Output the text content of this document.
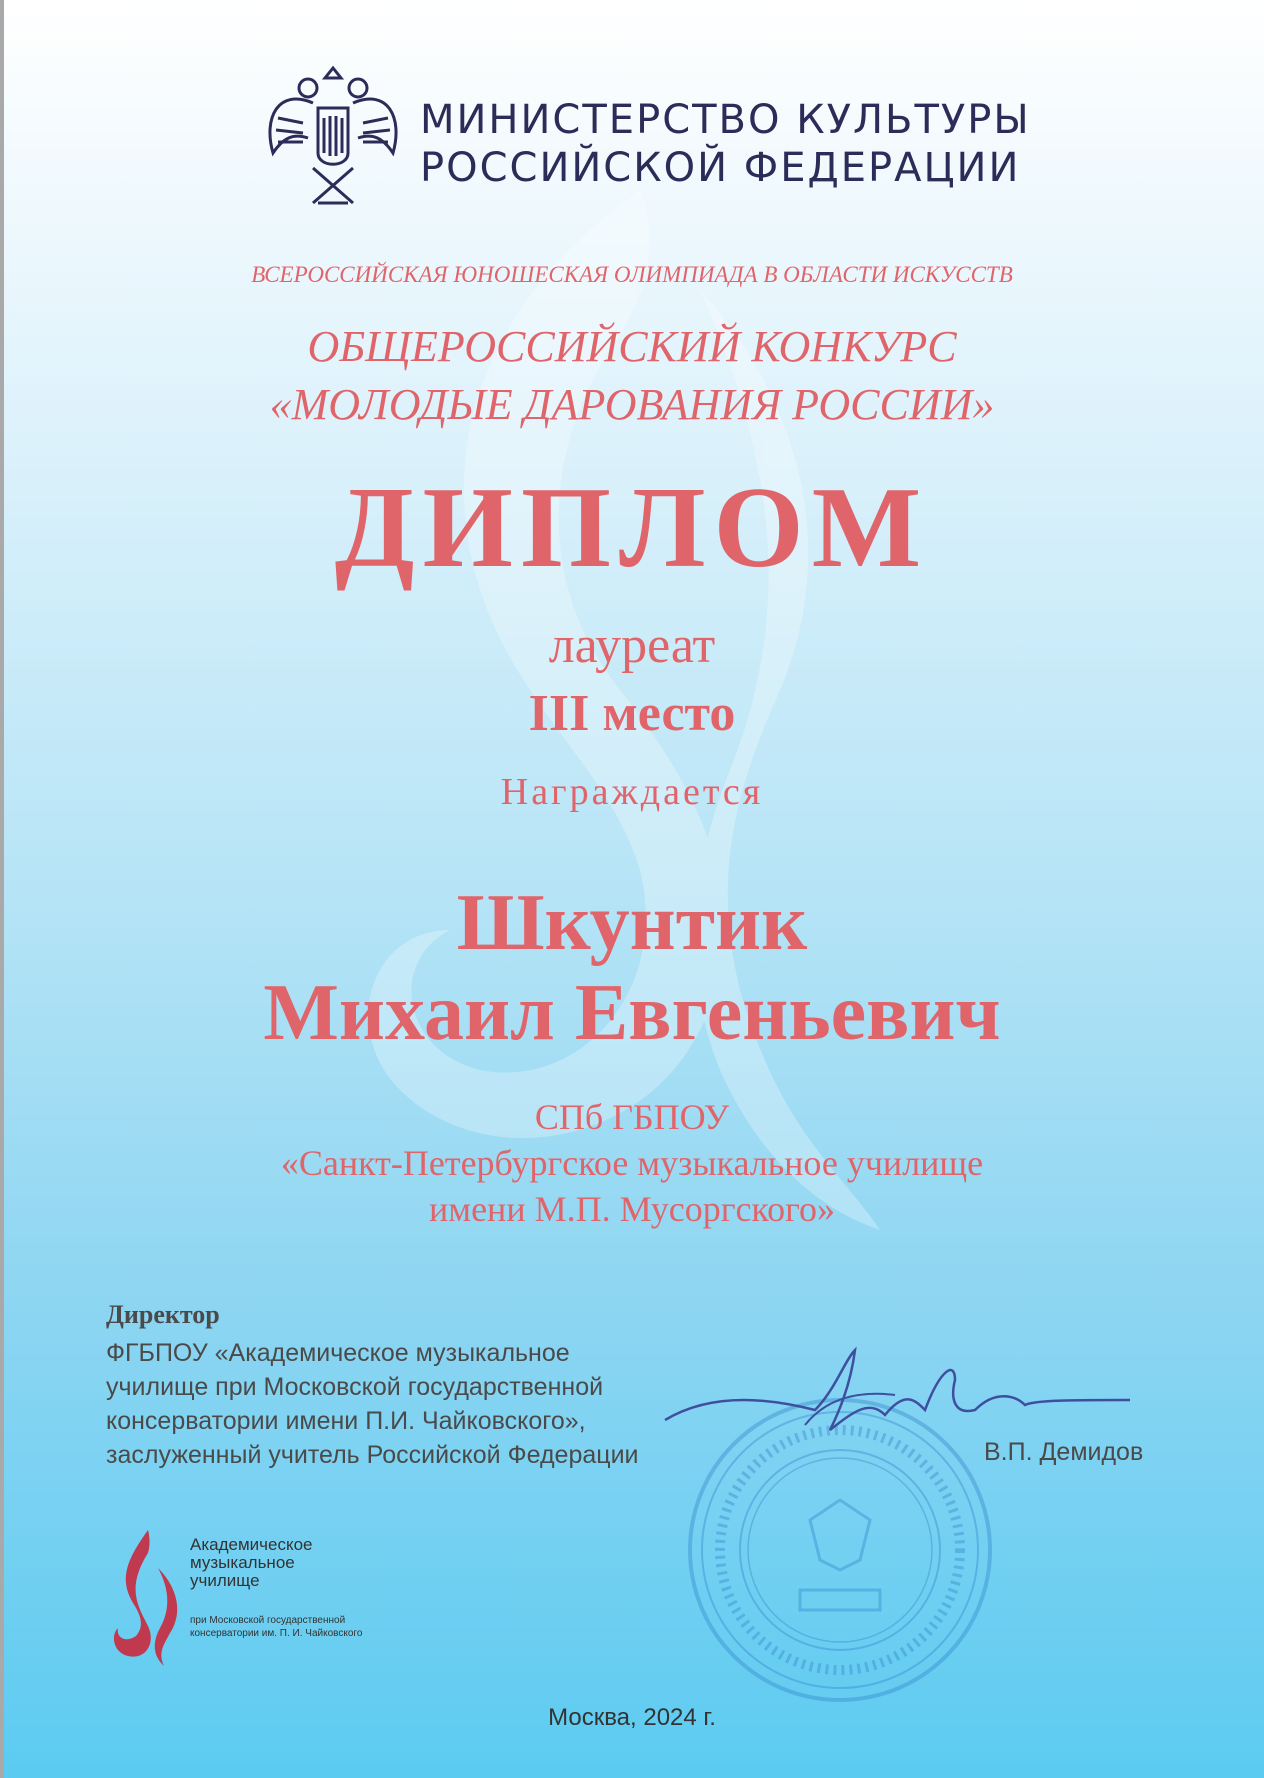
МИНИСТЕРСТВО КУЛЬТУРЫ
РОССИЙСКОЙ ФЕДЕРАЦИИ
ВСЕРОССИЙСКАЯ ЮНОШЕСКАЯ ОЛИМПИАДА В ОБЛАСТИ ИСКУССТВ
ОБЩЕРОССИЙСКИЙ КОНКУРС
«МОЛОДЫЕ ДАРОВАНИЯ РОССИИ»
ДИПЛОМ
лауреат
III место
Награждается
Шкунтик
Михаил Евгеньевич
СПб ГБПОУ
«Санкт-Петербургское музыкальное училище
имени М.П. Мусоргского»
Директор
ФГБПОУ «Академическое музыкальное
училище при Московской государственной
консерватории имени П.И. Чайковского»,
заслуженный учитель Российской Федерации	В.П. Демидов
Академическое
музыкальное
училище
при Московской государственной
консерватории им. П. И. Чайковского
Москва, 2024 г.
